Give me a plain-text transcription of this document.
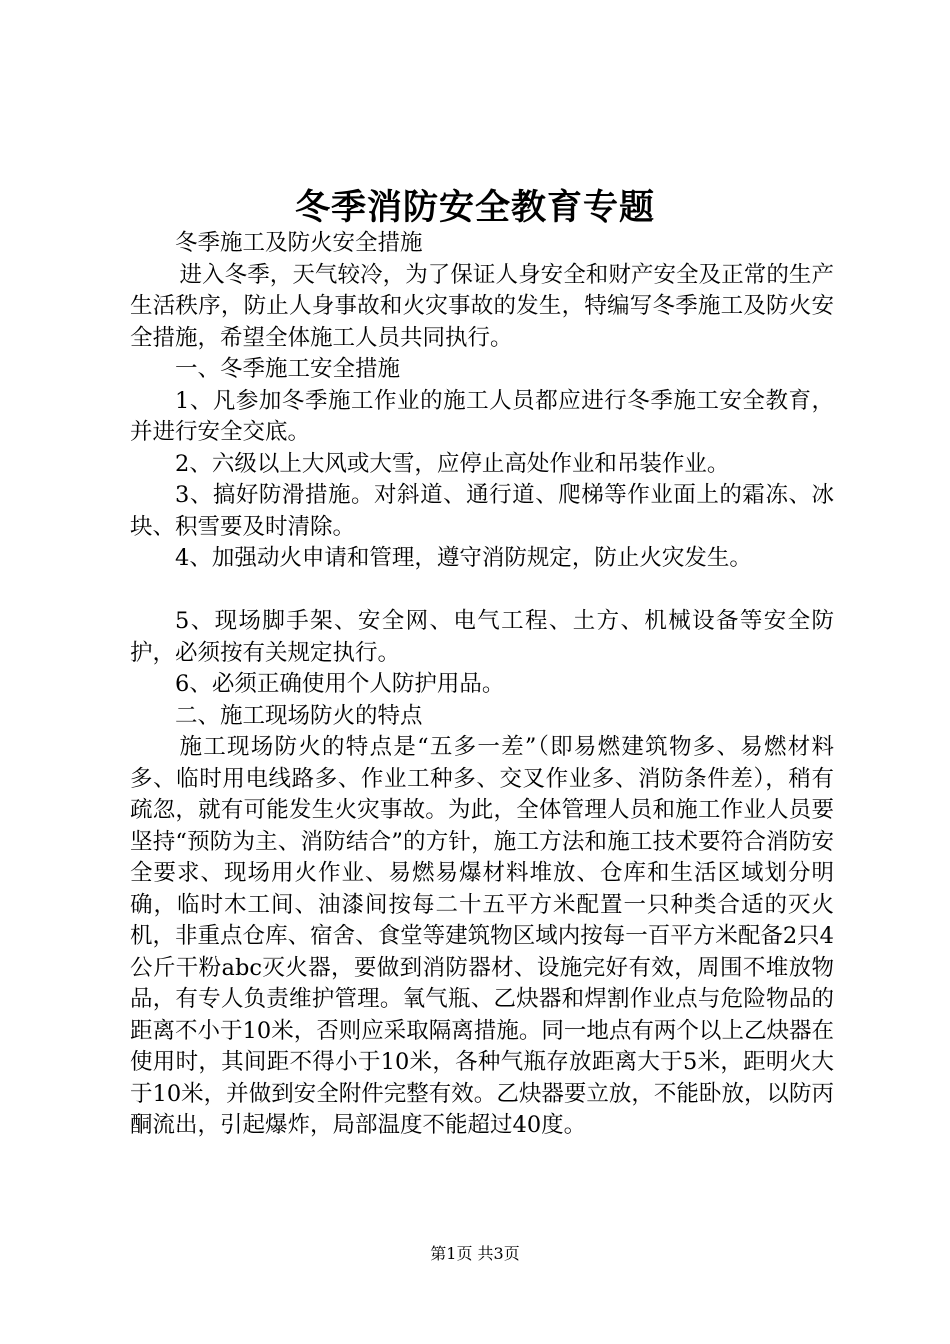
冬季消防安全教育专题

冬季施工及防火安全措施

进入冬季，天气较冷，为了保证人身安全和财产安全及正常的生产生活秩序，防止人身事故和火灾事故的发生，特编写冬季施工及防火安全措施，希望全体施工人员共同执行。

一、冬季施工安全措施

1、凡参加冬季施工作业的施工人员都应进行冬季施工安全教育，并进行安全交底。

2、六级以上大风或大雪，应停止高处作业和吊装作业。

3、搞好防滑措施。对斜道、通行道、爬梯等作业面上的霜冻、冰块、积雪要及时清除。

4、加强动火申请和管理，遵守消防规定，防止火灾发生。

5、现场脚手架、安全网、电气工程、土方、机械设备等安全防护，必须按有关规定执行。

6、必须正确使用个人防护用品。

二、施工现场防火的特点

施工现场防火的特点是“五多一差”（即易燃建筑物多、易燃材料多、临时用电线路多、作业工种多、交叉作业多、消防条件差），稍有疏忽，就有可能发生火灾事故。为此，全体管理人员和施工作业人员要坚持“预防为主、消防结合”的方针，施工方法和施工技术要符合消防安全要求、现场用火作业、易燃易爆材料堆放、仓库和生活区域划分明确，临时木工间、油漆间按每二十五平方米配置一只种类合适的灭火机，非重点仓库、宿舍、食堂等建筑物区域内按每一百平方米配备2只4公斤干粉abc灭火器，要做到消防器材、设施完好有效，周围不堆放物品，有专人负责维护管理。氧气瓶、乙炔器和焊割作业点与危险物品的距离不小于10米，否则应采取隔离措施。同一地点有两个以上乙炔器在使用时，其间距不得小于10米，各种气瓶存放距离大于5米，距明火大于10米，并做到安全附件完整有效。乙炔器要立放，不能卧放，以防丙酮流出，引起爆炸，局部温度不能超过40度。

第1页 共3页
